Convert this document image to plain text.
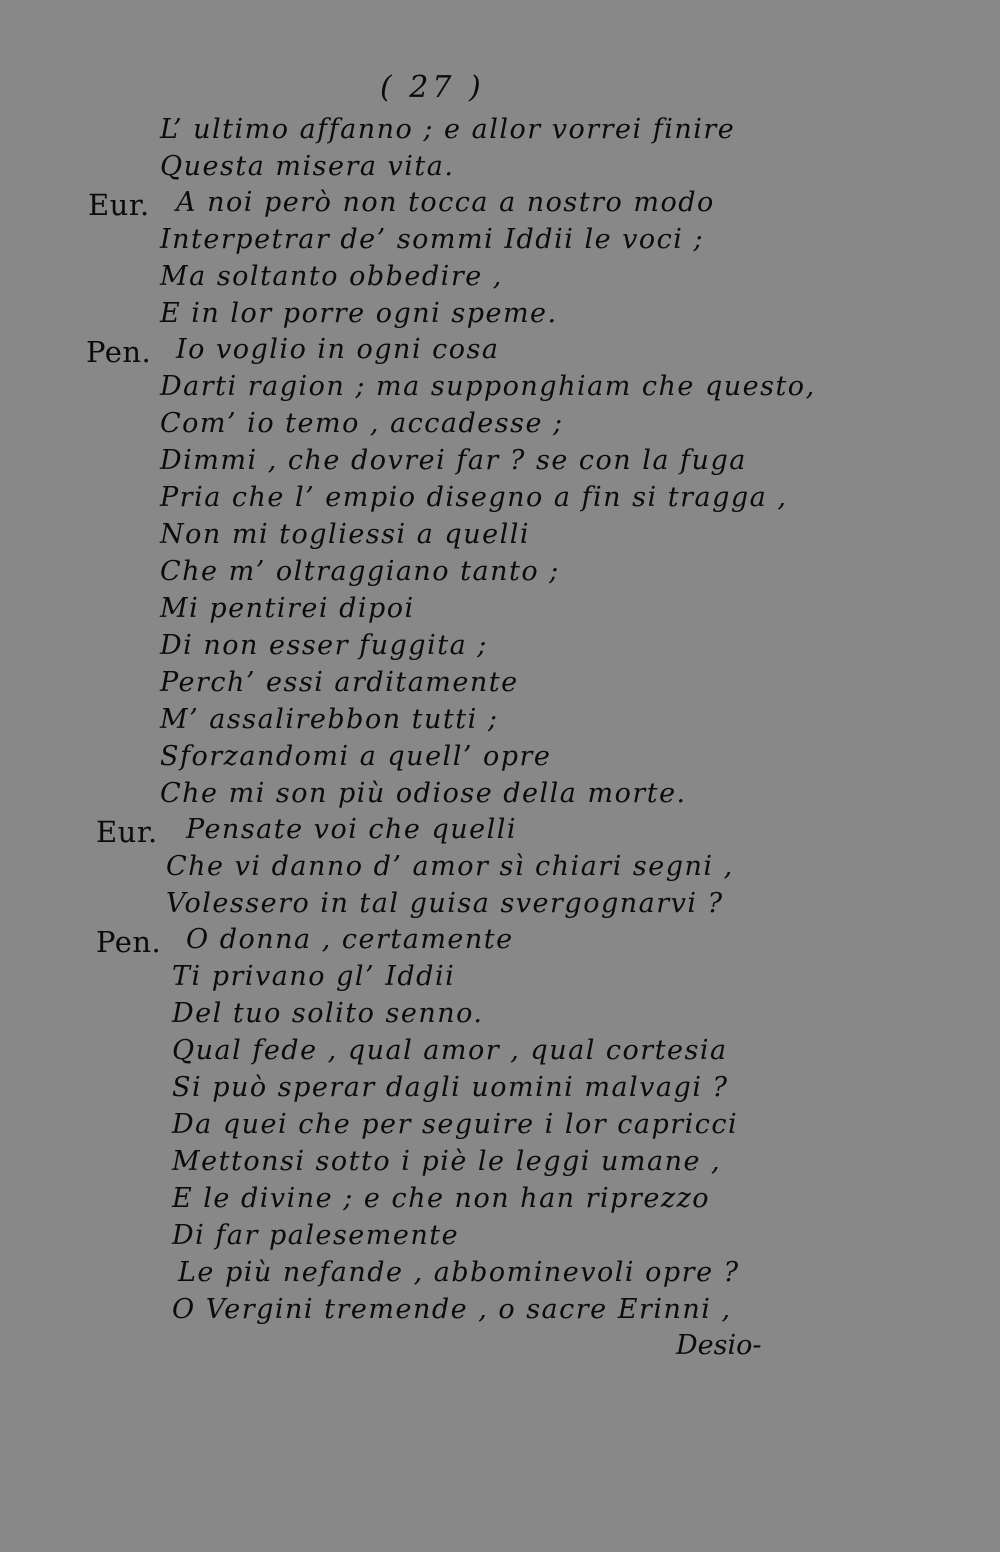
( 27 )
L’ ultimo affanno ; e allor vorrei finire
Questa misera vita.
Eur. A noi però non tocca a nostro modo
Interpetrar de’ sommi Iddii le voci ;
Ma soltanto obbedire ,
E in lor porre ogni speme.
Pen. Io voglio in ogni cosa
Darti ragion ; ma supponghiam che questo,
Com’ io temo , accadesse ;
Dimmi , che dovrei far ? se con la fuga
Pria che l’ empio disegno a fin si tragga ,
Non mi togliessi a quelli
Che m’ oltraggiano tanto ;
Mi pentirei dipoi
Di non esser fuggita ;
Perch’ essi arditamente
M’ assalirebbon tutti ;
Sforzandomi a quell’ opre
Che mi son più odiose della morte.
Eur. Pensate voi che quelli
Che vi danno d’ amor sì chiari segni ,
Volessero in tal guisa svergognarvi ?
Pen. O donna , certamente
Ti privano gl’ Iddii
Del tuo solito senno.
Qual fede , qual amor , qual cortesia
Si può sperar dagli uomini malvagi ?
Da quei che per seguire i lor capricci
Mettonsi sotto i piè le leggi umane ,
E le divine ; e che non han riprezzo
Di far palesemente
Le più nefande , abbominevoli opre ?
O Vergini tremende , o sacre Erinni ,
Desio-
